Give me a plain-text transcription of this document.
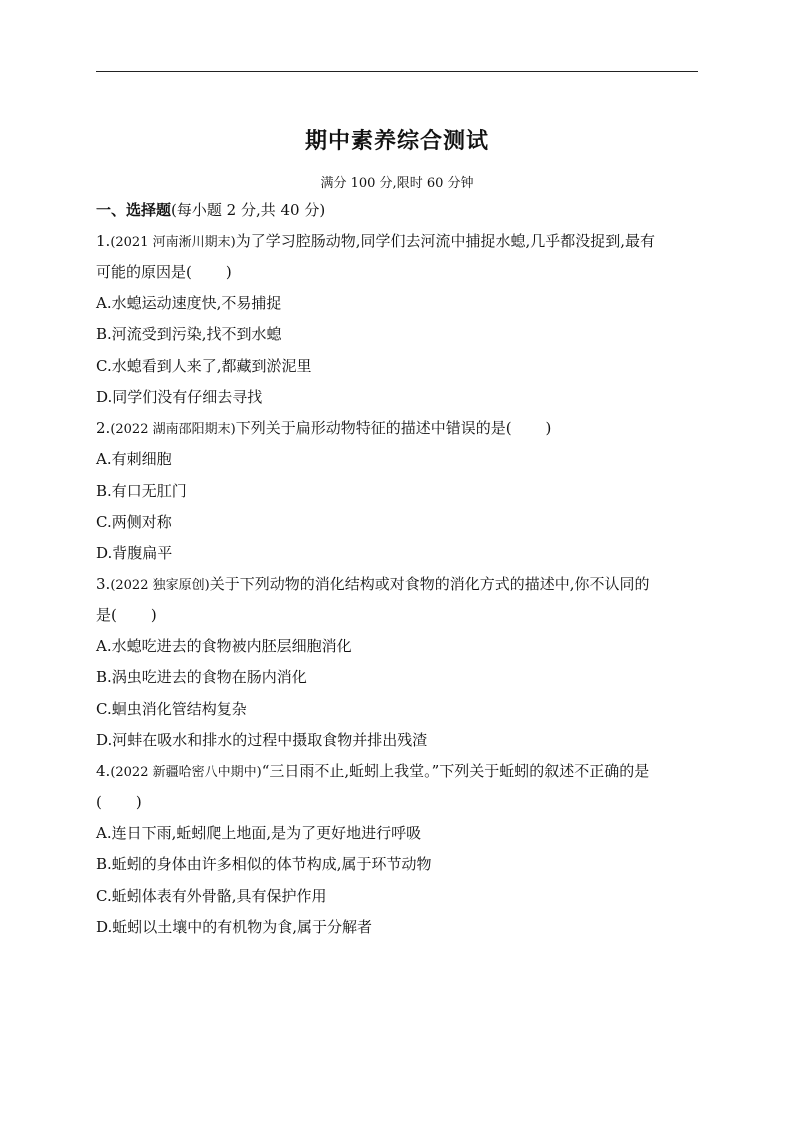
期中素养综合测试
满分 100 分,限时 60 分钟
一、选择题(每小题 2 分,共 40 分)
1.(2021 河南淅川期末)为了学习腔肠动物,同学们去河流中捕捉水螅,几乎都没捉到,最有
可能的原因是( )
A.水螅运动速度快,不易捕捉
B.河流受到污染,找不到水螅
C.水螅看到人来了,都藏到淤泥里
D.同学们没有仔细去寻找
2.(2022 湖南邵阳期末)下列关于扁形动物特征的描述中错误的是( )
A.有刺细胞
B.有口无肛门
C.两侧对称
D.背腹扁平
3.(2022 独家原创)关于下列动物的消化结构或对食物的消化方式的描述中,你不认同的
是( )
A.水螅吃进去的食物被内胚层细胞消化
B.涡虫吃进去的食物在肠内消化
C.蛔虫消化管结构复杂
D.河蚌在吸水和排水的过程中摄取食物并排出残渣
4.(2022 新疆哈密八中期中)“三日雨不止,蚯蚓上我堂。”下列关于蚯蚓的叙述不正确的是
( )
A.连日下雨,蚯蚓爬上地面,是为了更好地进行呼吸
B.蚯蚓的身体由许多相似的体节构成,属于环节动物
C.蚯蚓体表有外骨骼,具有保护作用
D.蚯蚓以土壤中的有机物为食,属于分解者
